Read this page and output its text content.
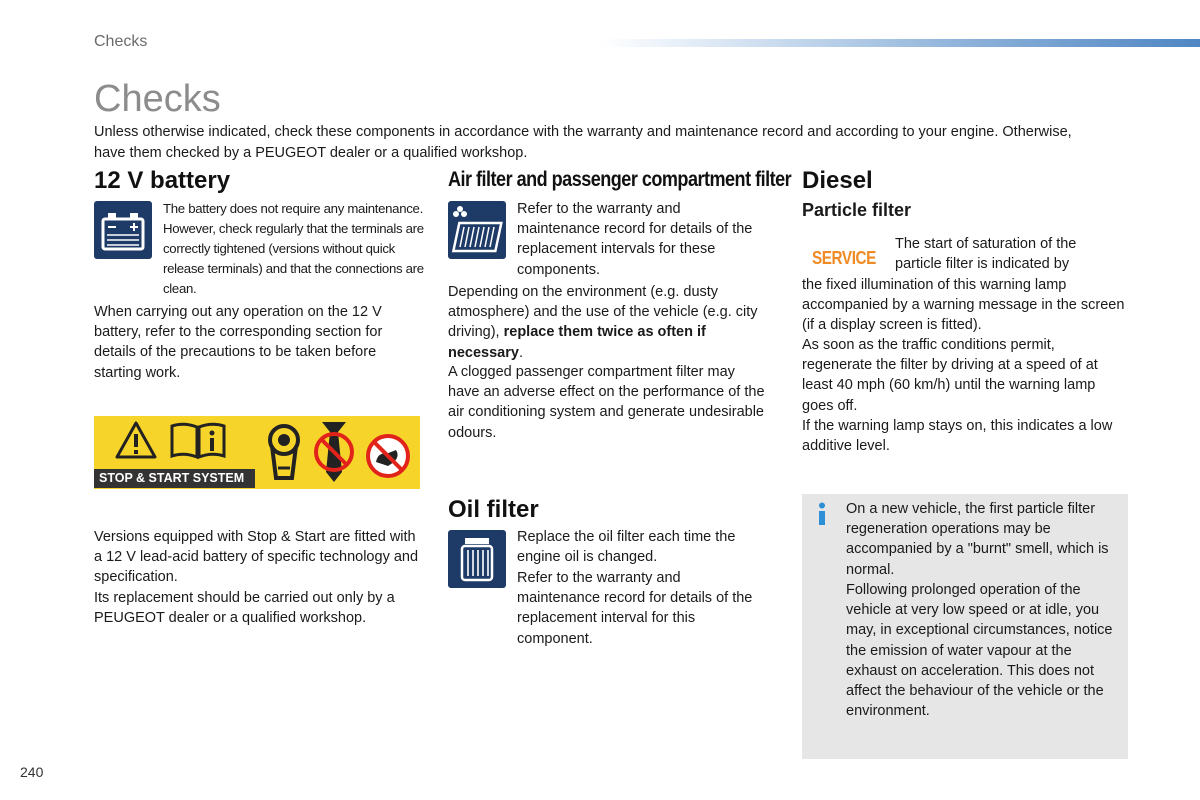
Checks
Checks
Unless otherwise indicated, check these components in accordance with the warranty and maintenance record and according to your engine. Otherwise, have them checked by a PEUGEOT dealer or a qualified workshop.
12 V battery
The battery does not require any maintenance. However, check regularly that the terminals are correctly tightened (versions without quick release terminals) and that the connections are clean.
When carrying out any operation on the 12 V battery, refer to the corresponding section for details of the precautions to be taken before starting work.
STOP & START SYSTEM
Versions equipped with Stop & Start are fitted with a 12 V lead-acid battery of specific technology and specification.
Its replacement should be carried out only by a PEUGEOT dealer or a qualified workshop.
Air filter and passenger compartment filter
Refer to the warranty and maintenance record for details of the replacement intervals for these components.
Depending on the environment (e.g. dusty atmosphere) and the use of the vehicle (e.g. city driving), replace them twice as often if necessary.
A clogged passenger compartment filter may have an adverse effect on the performance of the air conditioning system and generate undesirable odours.
Oil filter
Replace the oil filter each time the engine oil is changed.
Refer to the warranty and maintenance record for details of the replacement interval for this component.
Diesel
Particle filter
SERVICE
The start of saturation of the particle filter is indicated by
the fixed illumination of this warning lamp accompanied by a warning message in the screen (if a display screen is fitted).
As soon as the traffic conditions permit, regenerate the filter by driving at a speed of at least 40 mph (60 km/h) until the warning lamp goes off.
If the warning lamp stays on, this indicates a low additive level.
On a new vehicle, the first particle filter regeneration operations may be accompanied by a "burnt" smell, which is normal.
Following prolonged operation of the vehicle at very low speed or at idle, you may, in exceptional circumstances, notice the emission of water vapour at the exhaust on acceleration. This does not affect the behaviour of the vehicle or the environment.
240
